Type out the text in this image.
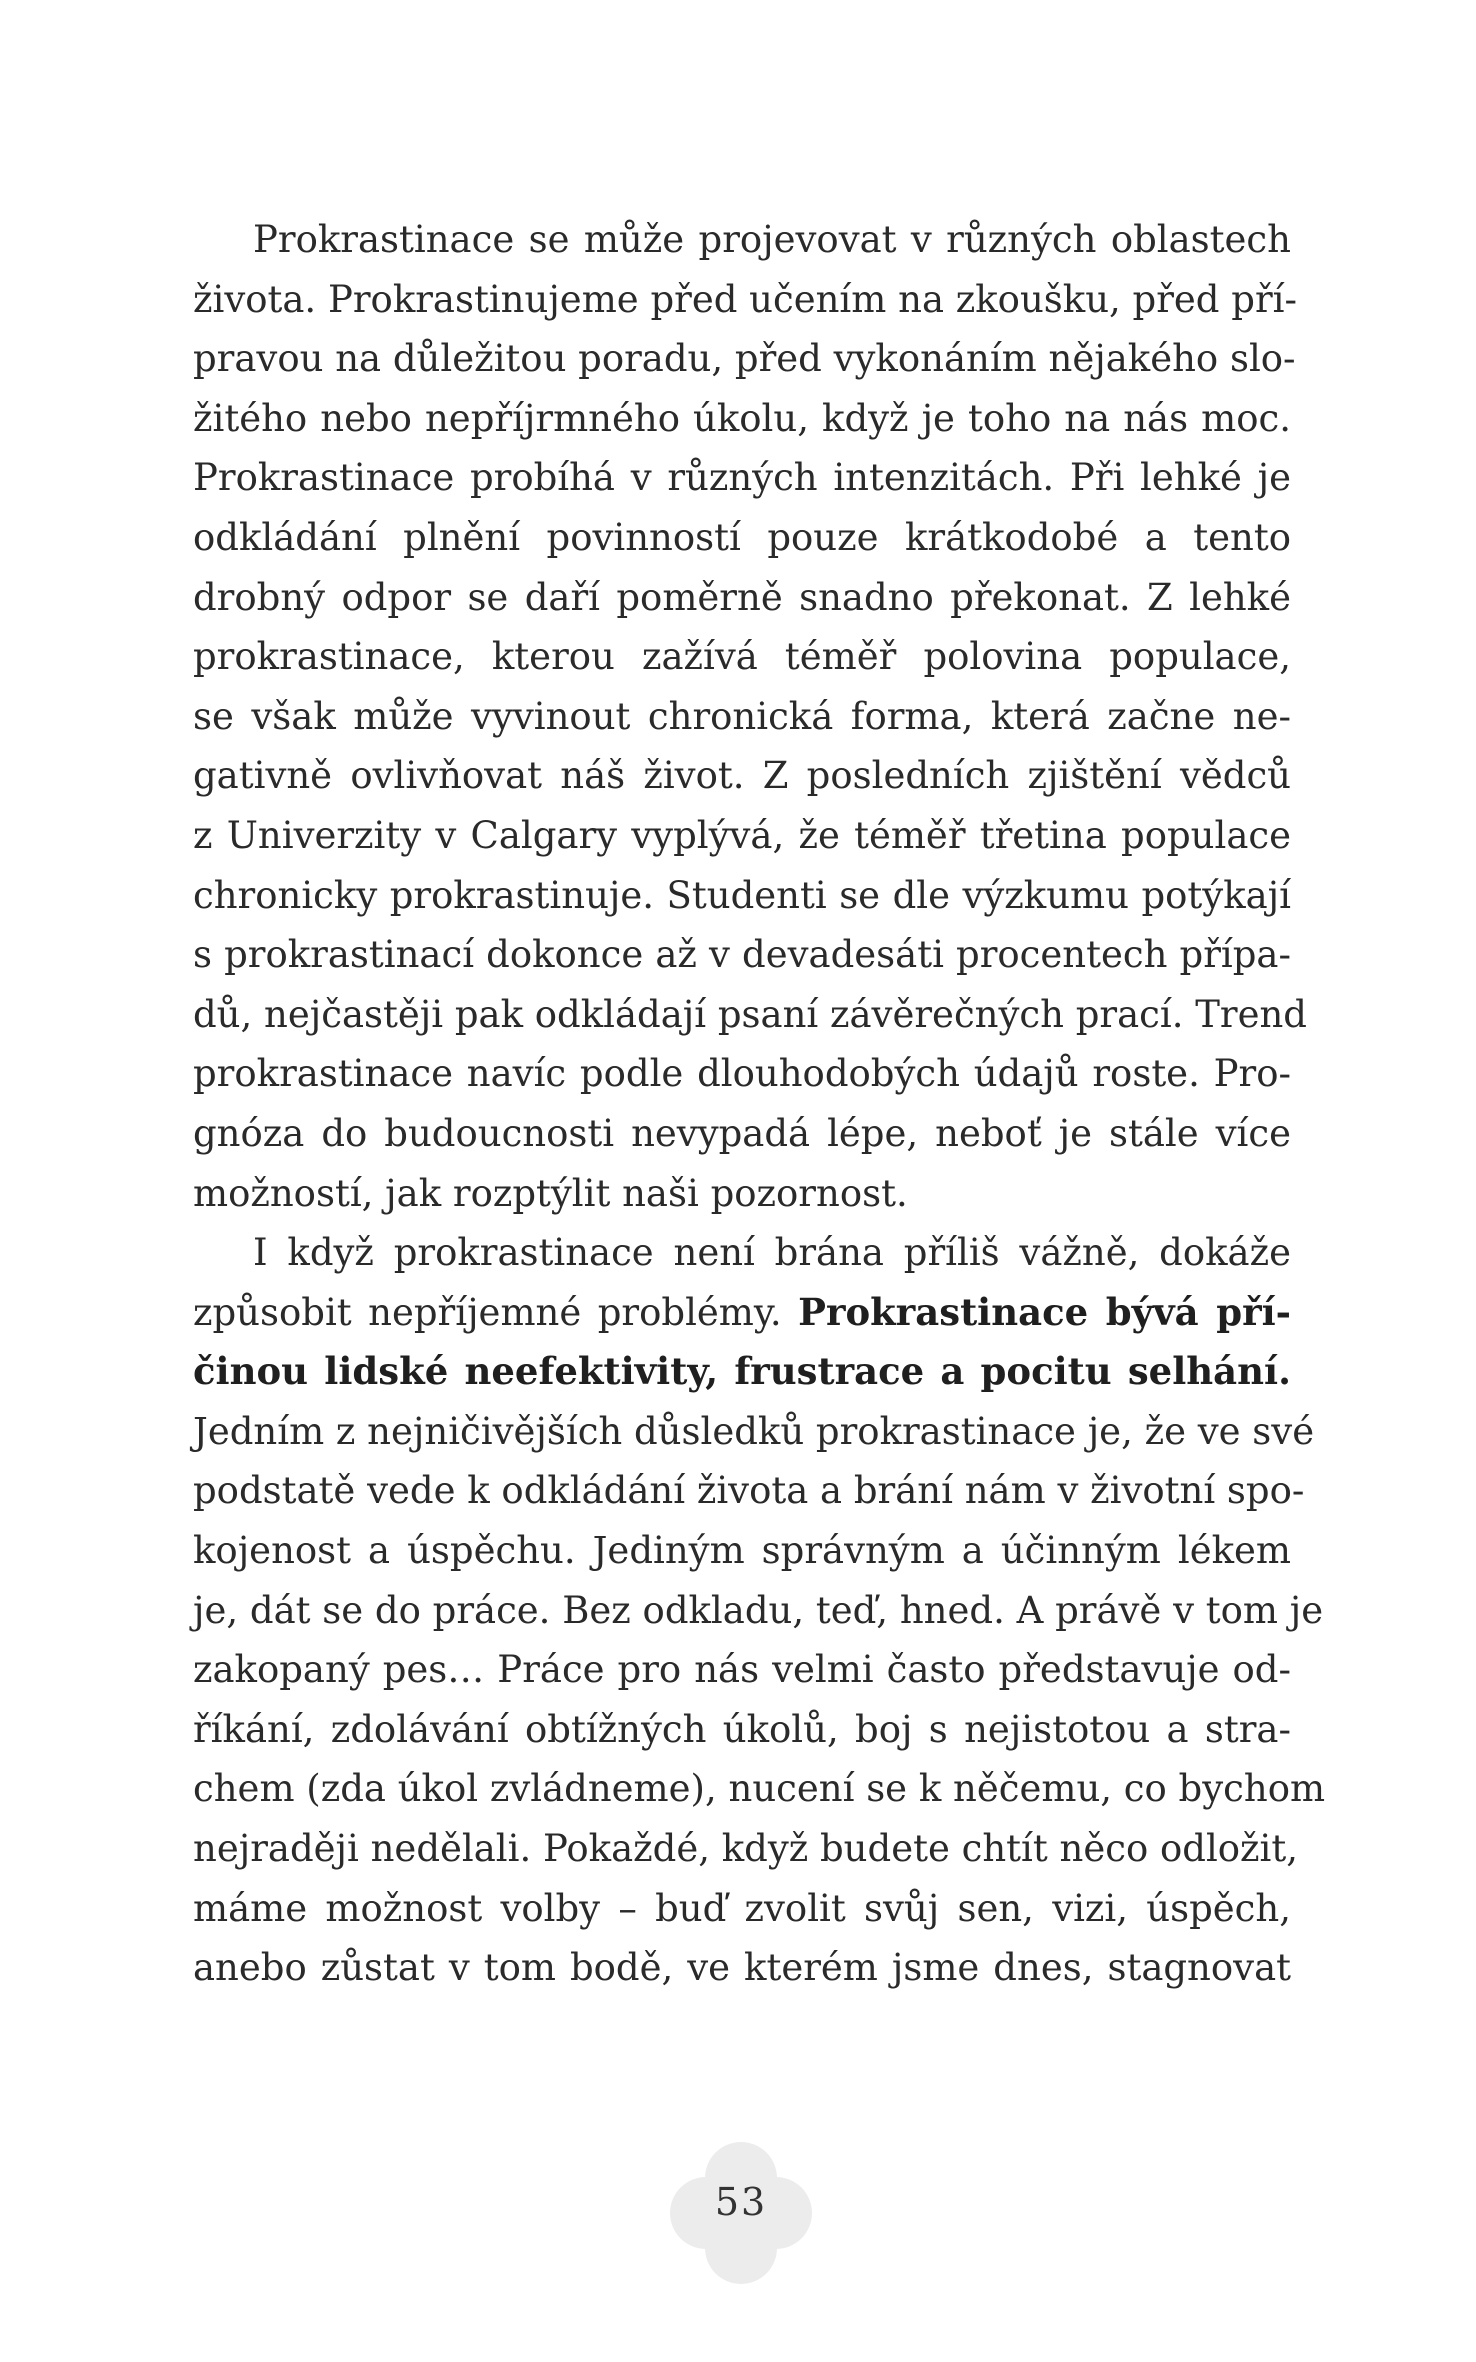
Prokrastinace se může projevovat v různých oblastech
života. Prokrastinujeme před učením na zkoušku, před pří-
pravou na důležitou poradu, před vykonáním nějakého slo-
žitého nebo nepříjrmného úkolu, když je toho na nás moc.
Prokrastinace probíhá v různých intenzitách. Při lehké je
odkládání plnění povinností pouze krátkodobé a tento
drobný odpor se daří poměrně snadno překonat. Z lehké
prokrastinace, kterou zažívá téměř polovina populace,
se však může vyvinout chronická forma, která začne ne-
gativně ovlivňovat náš život. Z posledních zjištění vědců
z Univerzity v Calgary vyplývá, že téměř třetina populace
chronicky prokrastinuje. Studenti se dle výzkumu potýkají
s prokrastinací dokonce až v devadesáti procentech přípa-
dů, nejčastěji pak odkládají psaní závěrečných prací. Trend
prokrastinace navíc podle dlouhodobých údajů roste. Pro-
gnóza do budoucnosti nevypadá lépe, neboť je stále více
možností, jak rozptýlit naši pozornost.
I když prokrastinace není brána příliš vážně, dokáže
způsobit nepříjemné problémy. Prokrastinace bývá pří-
činou lidské neefektivity, frustrace a pocitu selhání.
Jedním z nejničivějších důsledků prokrastinace je, že ve své
podstatě vede k odkládání života a brání nám v životní spo-
kojenost a úspěchu. Jediným správným a účinným lékem
je, dát se do práce. Bez odkladu, teď, hned. A právě v tom je
zakopaný pes… Práce pro nás velmi často představuje od-
říkání, zdolávání obtížných úkolů, boj s nejistotou a stra-
chem (zda úkol zvládneme), nucení se k něčemu, co bychom
nejraději nedělali. Pokaždé, když budete chtít něco odložit,
máme možnost volby – buď zvolit svůj sen, vizi, úspěch,
anebo zůstat v tom bodě, ve kterém jsme dnes, stagnovat
53
